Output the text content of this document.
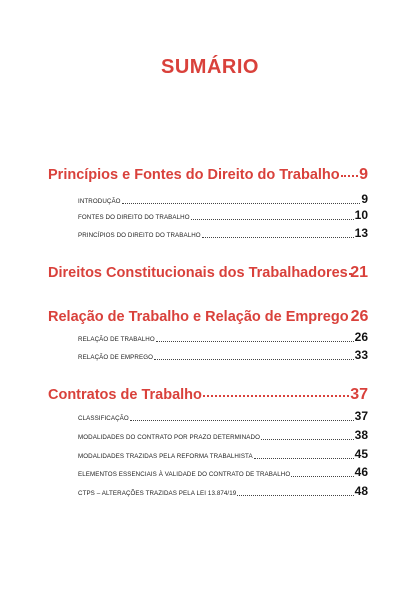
SUMÁRIO
Princípios e Fontes do Direito do Trabalho 9
INTRODUÇÃO	9
FONTES DO DIREITO DO TRABALHO	10
PRINCÍPIOS DO DIREITO DO TRABALHO	13
Direitos Constitucionais dos Trabalhadores 21
Relação de Trabalho e Relação de Emprego 26
RELAÇÃO DE TRABALHO	26
RELAÇÃO DE EMPREGO	33
Contratos de Trabalho	37
CLASSIFICAÇÃO	37
MODALIDADES DO CONTRATO POR PRAZO DETERMINADO	38
MODALIDADES TRAZIDAS PELA REFORMA TRABALHISTA	45
ELEMENTOS ESSENCIAIS À VALIDADE DO CONTRATO DE TRABALHO	46
CTPS – ALTERAÇÕES TRAZIDAS PELA LEI 13.874/19	48
